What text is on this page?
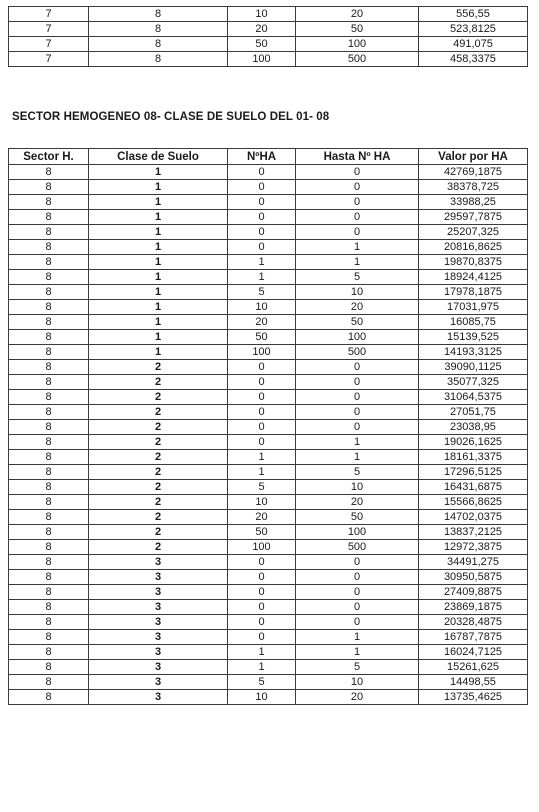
7	8	10	20	556,55
7	8	20	50	523,8125
7	8	50	100	491,075
7	8	100	500	458,3375
SECTOR HEMOGENEO 08- CLASE DE SUELO DEL 01- 08
Sector H.	Clase de Suelo	NºHA	Hasta Nº HA	Valor por HA
8	1	0	0	42769,1875
8	1	0	0	38378,725
8	1	0	0	33988,25
8	1	0	0	29597,7875
8	1	0	0	25207,325
8	1	0	1	20816,8625
8	1	1	1	19870,8375
8	1	1	5	18924,4125
8	1	5	10	17978,1875
8	1	10	20	17031,975
8	1	20	50	16085,75
8	1	50	100	15139,525
8	1	100	500	14193,3125
8	2	0	0	39090,1125
8	2	0	0	35077,325
8	2	0	0	31064,5375
8	2	0	0	27051,75
8	2	0	0	23038,95
8	2	0	1	19026,1625
8	2	1	1	18161,3375
8	2	1	5	17296,5125
8	2	5	10	16431,6875
8	2	10	20	15566,8625
8	2	20	50	14702,0375
8	2	50	100	13837,2125
8	2	100	500	12972,3875
8	3	0	0	34491,275
8	3	0	0	30950,5875
8	3	0	0	27409,8875
8	3	0	0	23869,1875
8	3	0	0	20328,4875
8	3	0	1	16787,7875
8	3	1	1	16024,7125
8	3	1	5	15261,625
8	3	5	10	14498,55
8	3	10	20	13735,4625
